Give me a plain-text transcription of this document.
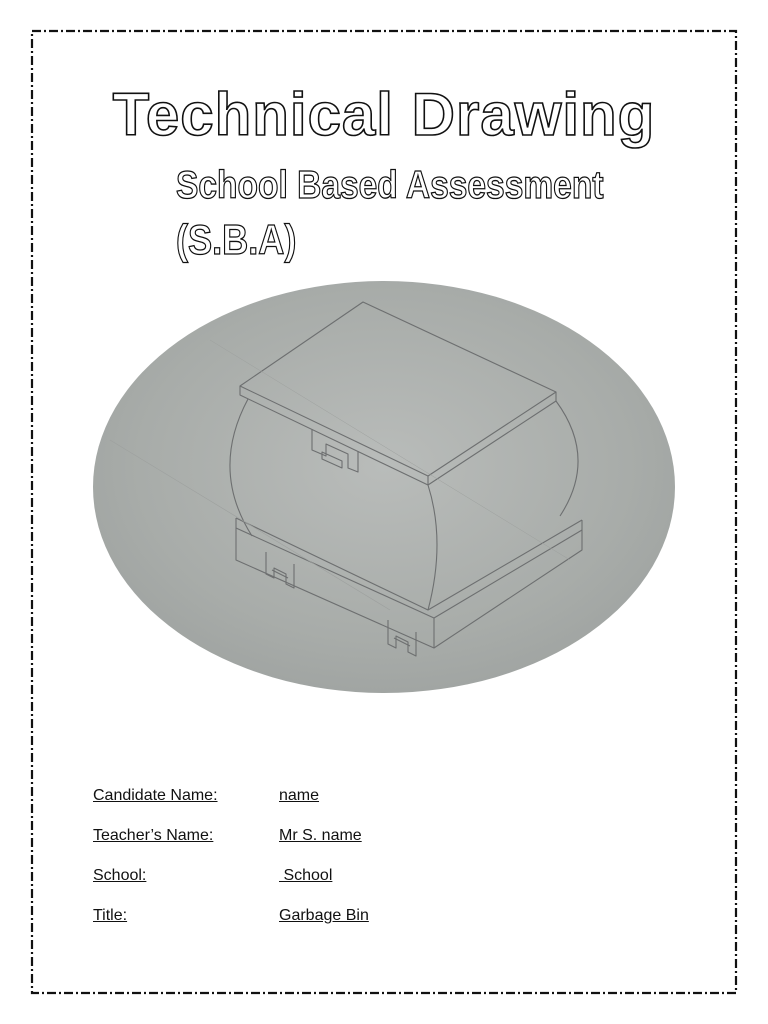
Technical Drawing
School Based Assessment
(S.B.A)
Candidate Name:	name
Teacher’s Name:	Mr S. name
School:	School
Title:	Garbage Bin
